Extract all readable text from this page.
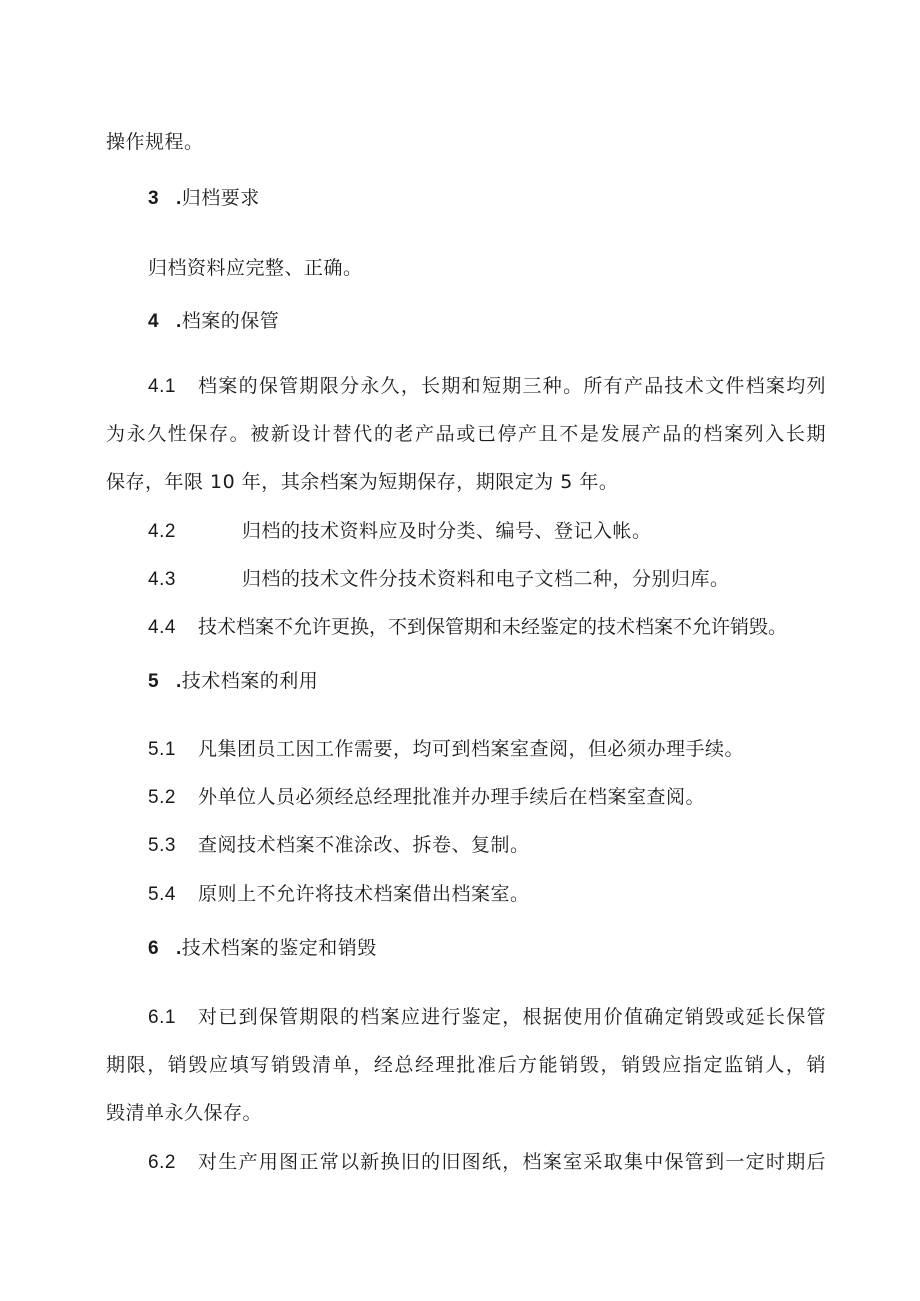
操作规程。
3 .归档要求
归档资料应完整、正确。
4 .档案的保管
4.1 档案的保管期限分永久，长期和短期三种。所有产品技术文件档案均列
为永久性保存。被新设计替代的老产品或已停产且不是发展产品的档案列入长期
保存，年限 10 年，其余档案为短期保存，期限定为 5 年。
4.2	归档的技术资料应及时分类、编号、登记入帐。
4.3	归档的技术文件分技术资料和电子文档二种，分别归库。
4.4 技术档案不允许更换，不到保管期和未经鉴定的技术档案不允许销毁。
5 .技术档案的利用
5.1 凡集团员工因工作需要，均可到档案室查阅，但必须办理手续。
5.2 外单位人员必须经总经理批准并办理手续后在档案室查阅。
5.3 查阅技术档案不准涂改、拆卷、复制。
5.4 原则上不允许将技术档案借出档案室。
6 .技术档案的鉴定和销毁
6.1 对已到保管期限的档案应进行鉴定，根据使用价值确定销毁或延长保管
期限，销毁应填写销毁清单，经总经理批准后方能销毁，销毁应指定监销人，销
毁清单永久保存。
6.2 对生产用图正常以新换旧的旧图纸，档案室采取集中保管到一定时期后
